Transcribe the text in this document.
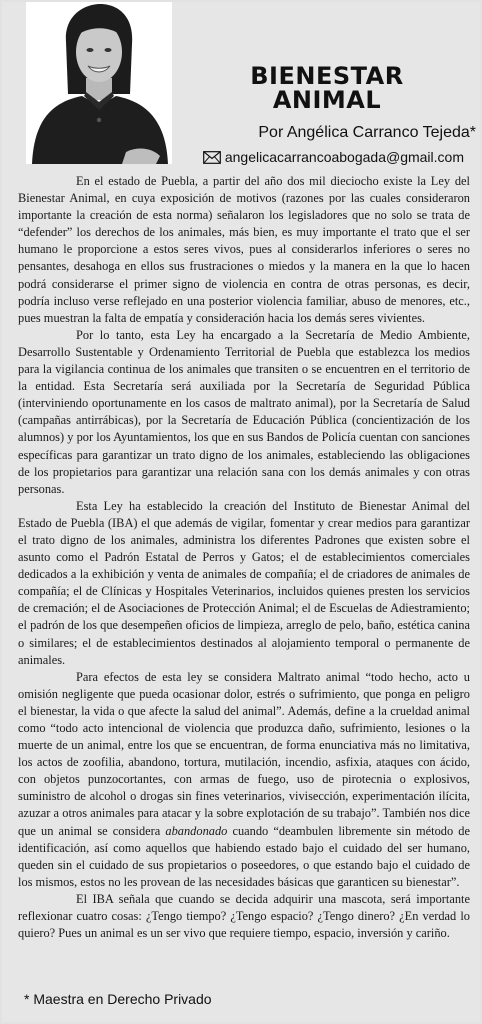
BIENESTAR
ANIMAL
Por Angélica Carranco Tejeda*
angelicacarrancoabogada@gmail.com

En el estado de Puebla, a partir del año dos mil dieciocho existe la Ley del Bienestar Animal, en cuya exposición de motivos (razones por las cuales consideraron importante la creación de esta norma) señalaron los legisladores que no solo se trata de “defender” los derechos de los animales, más bien, es muy importante el trato que el ser humano le proporcione a estos seres vivos, pues al considerarlos inferiores o seres no pensantes, desahoga en ellos sus frustraciones o miedos y la manera en la que lo hacen podrá considerarse el primer signo de violencia en contra de otras personas, es decir, podría incluso verse reflejado en una posterior violencia familiar, abuso de menores, etc., pues muestran la falta de empatía y consideración hacia los demás seres vivientes.

Por lo tanto, esta Ley ha encargado a la Secretaría de Medio Ambiente, Desarrollo Sustentable y Ordenamiento Territorial de Puebla que establezca los medios para la vigilancia continua de los animales que transiten o se encuentren en el territorio de la entidad. Esta Secretaría será auxiliada por la Secretaría de Seguridad Pública (interviniendo oportunamente en los casos de maltrato animal), por la Secretaría de Salud (campañas antirrábicas), por la Secretaría de Educación Pública (concientización de los alumnos) y por los Ayuntamientos, los que en sus Bandos de Policía cuentan con sanciones específicas para garantizar un trato digno de los animales, estableciendo las obligaciones de los propietarios para garantizar una relación sana con los demás animales y con otras personas.

Esta Ley ha establecido la creación del Instituto de Bienestar Animal del Estado de Puebla (IBA) el que además de vigilar, fomentar y crear medios para garantizar el trato digno de los animales, administra los diferentes Padrones que existen sobre el asunto como el Padrón Estatal de Perros y Gatos; el de establecimientos comerciales dedicados a la exhibición y venta de animales de compañía; el de criadores de animales de compañía; el de Clínicas y Hospitales Veterinarios, incluidos quienes presten los servicios de cremación; el de Asociaciones de Protección Animal; el de Escuelas de Adiestramiento; el padrón de los que desempeñen oficios de limpieza, arreglo de pelo, baño, estética canina o similares; el de establecimientos destinados al alojamiento temporal o permanente de animales.

Para efectos de esta ley se considera Maltrato animal “todo hecho, acto u omisión negligente que pueda ocasionar dolor, estrés o sufrimiento, que ponga en peligro el bienestar, la vida o que afecte la salud del animal”. Además, define a la crueldad animal como “todo acto intencional de violencia que produzca daño, sufrimiento, lesiones o la muerte de un animal, entre los que se encuentran, de forma enunciativa más no limitativa, los actos de zoofilia, abandono, tortura, mutilación, incendio, asfixia, ataques con ácido, con objetos punzocortantes, con armas de fuego, uso de pirotecnia o explosivos, suministro de alcohol o drogas sin fines veterinarios, vivisección, experimentación ilícita, azuzar a otros animales para atacar y la sobre explotación de su trabajo”. También nos dice que un animal se considera abandonado cuando “deambulen libremente sin método de identificación, así como aquellos que habiendo estado bajo el cuidado del ser humano, queden sin el cuidado de sus propietarios o poseedores, o que estando bajo el cuidado de los mismos, estos no les provean de las necesidades básicas que garanticen su bienestar”.

El IBA señala que cuando se decida adquirir una mascota, será importante reflexionar cuatro cosas: ¿Tengo tiempo? ¿Tengo espacio? ¿Tengo dinero? ¿En verdad lo quiero? Pues un animal es un ser vivo que requiere tiempo, espacio, inversión y cariño.

* Maestra en Derecho Privado
